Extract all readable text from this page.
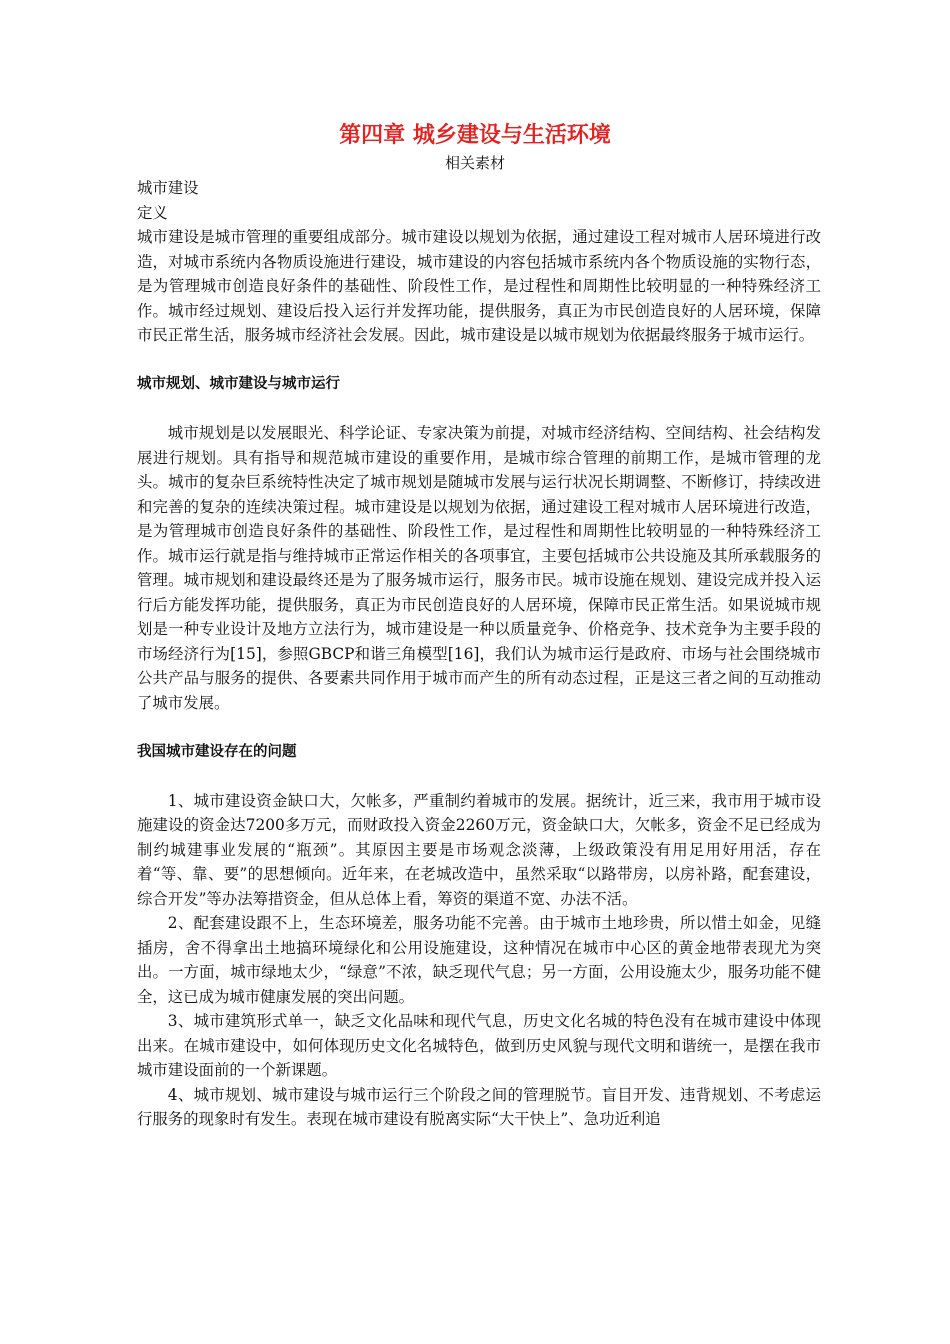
第四章 城乡建设与生活环境
相关素材

城市建设

定义

城市建设是城市管理的重要组成部分。城市建设以规划为依据，通过建设工程对城市人居环境进行改造，对城市系统内各物质设施进行建设，城市建设的内容包括城市系统内各个物质设施的实物行态，是为管理城市创造良好条件的基础性、阶段性工作，是过程性和周期性比较明显的一种特殊经济工作。城市经过规划、建设后投入运行并发挥功能，提供服务，真正为市民创造良好的人居环境，保障市民正常生活，服务城市经济社会发展。因此，城市建设是以城市规划为依据最终服务于城市运行。

城市规划、城市建设与城市运行

城市规划是以发展眼光、科学论证、专家决策为前提，对城市经济结构、空间结构、社会结构发展进行规划。具有指导和规范城市建设的重要作用，是城市综合管理的前期工作，是城市管理的龙头。城市的复杂巨系统特性决定了城市规划是随城市发展与运行状况长期调整、不断修订，持续改进和完善的复杂的连续决策过程。城市建设是以规划为依据，通过建设工程对城市人居环境进行改造，是为管理城市创造良好条件的基础性、阶段性工作，是过程性和周期性比较明显的一种特殊经济工作。城市运行就是指与维持城市正常运作相关的各项事宜，主要包括城市公共设施及其所承载服务的管理。城市规划和建设最终还是为了服务城市运行，服务市民。城市设施在规划、建设完成并投入运行后方能发挥功能，提供服务，真正为市民创造良好的人居环境，保障市民正常生活。如果说城市规划是一种专业设计及地方立法行为，城市建设是一种以质量竞争、价格竞争、技术竞争为主要手段的市场经济行为[15]，参照GBCP和谐三角模型[16]，我们认为城市运行是政府、市场与社会围绕城市公共产品与服务的提供、各要素共同作用于城市而产生的所有动态过程，正是这三者之间的互动推动了城市发展。

我国城市建设存在的问题

1、城市建设资金缺口大，欠帐多，严重制约着城市的发展。据统计，近三来，我市用于城市设施建设的资金达7200多万元，而财政投入资金2260万元，资金缺口大，欠帐多，资金不足已经成为制约城建事业发展的“瓶颈”。其原因主要是市场观念淡薄，上级政策没有用足用好用活，存在着“等、靠、要”的思想倾向。近年来，在老城改造中，虽然采取“以路带房，以房补路，配套建设，综合开发”等办法筹措资金，但从总体上看，筹资的渠道不宽、办法不活。

2、配套建设跟不上，生态环境差，服务功能不完善。由于城市土地珍贵，所以惜土如金，见缝插房，舍不得拿出土地搞环境绿化和公用设施建设，这种情况在城市中心区的黄金地带表现尤为突出。一方面，城市绿地太少，“绿意”不浓，缺乏现代气息；另一方面，公用设施太少，服务功能不健全，这已成为城市健康发展的突出问题。

3、城市建筑形式单一，缺乏文化品味和现代气息，历史文化名城的特色没有在城市建设中体现出来。在城市建设中，如何体现历史文化名城特色，做到历史风貌与现代文明和谐统一，是摆在我市城市建设面前的一个新课题。

4、城市规划、城市建设与城市运行三个阶段之间的管理脱节。盲目开发、违背规划、不考虑运行服务的现象时有发生。表现在城市建设有脱离实际“大干快上”、急功近利追
